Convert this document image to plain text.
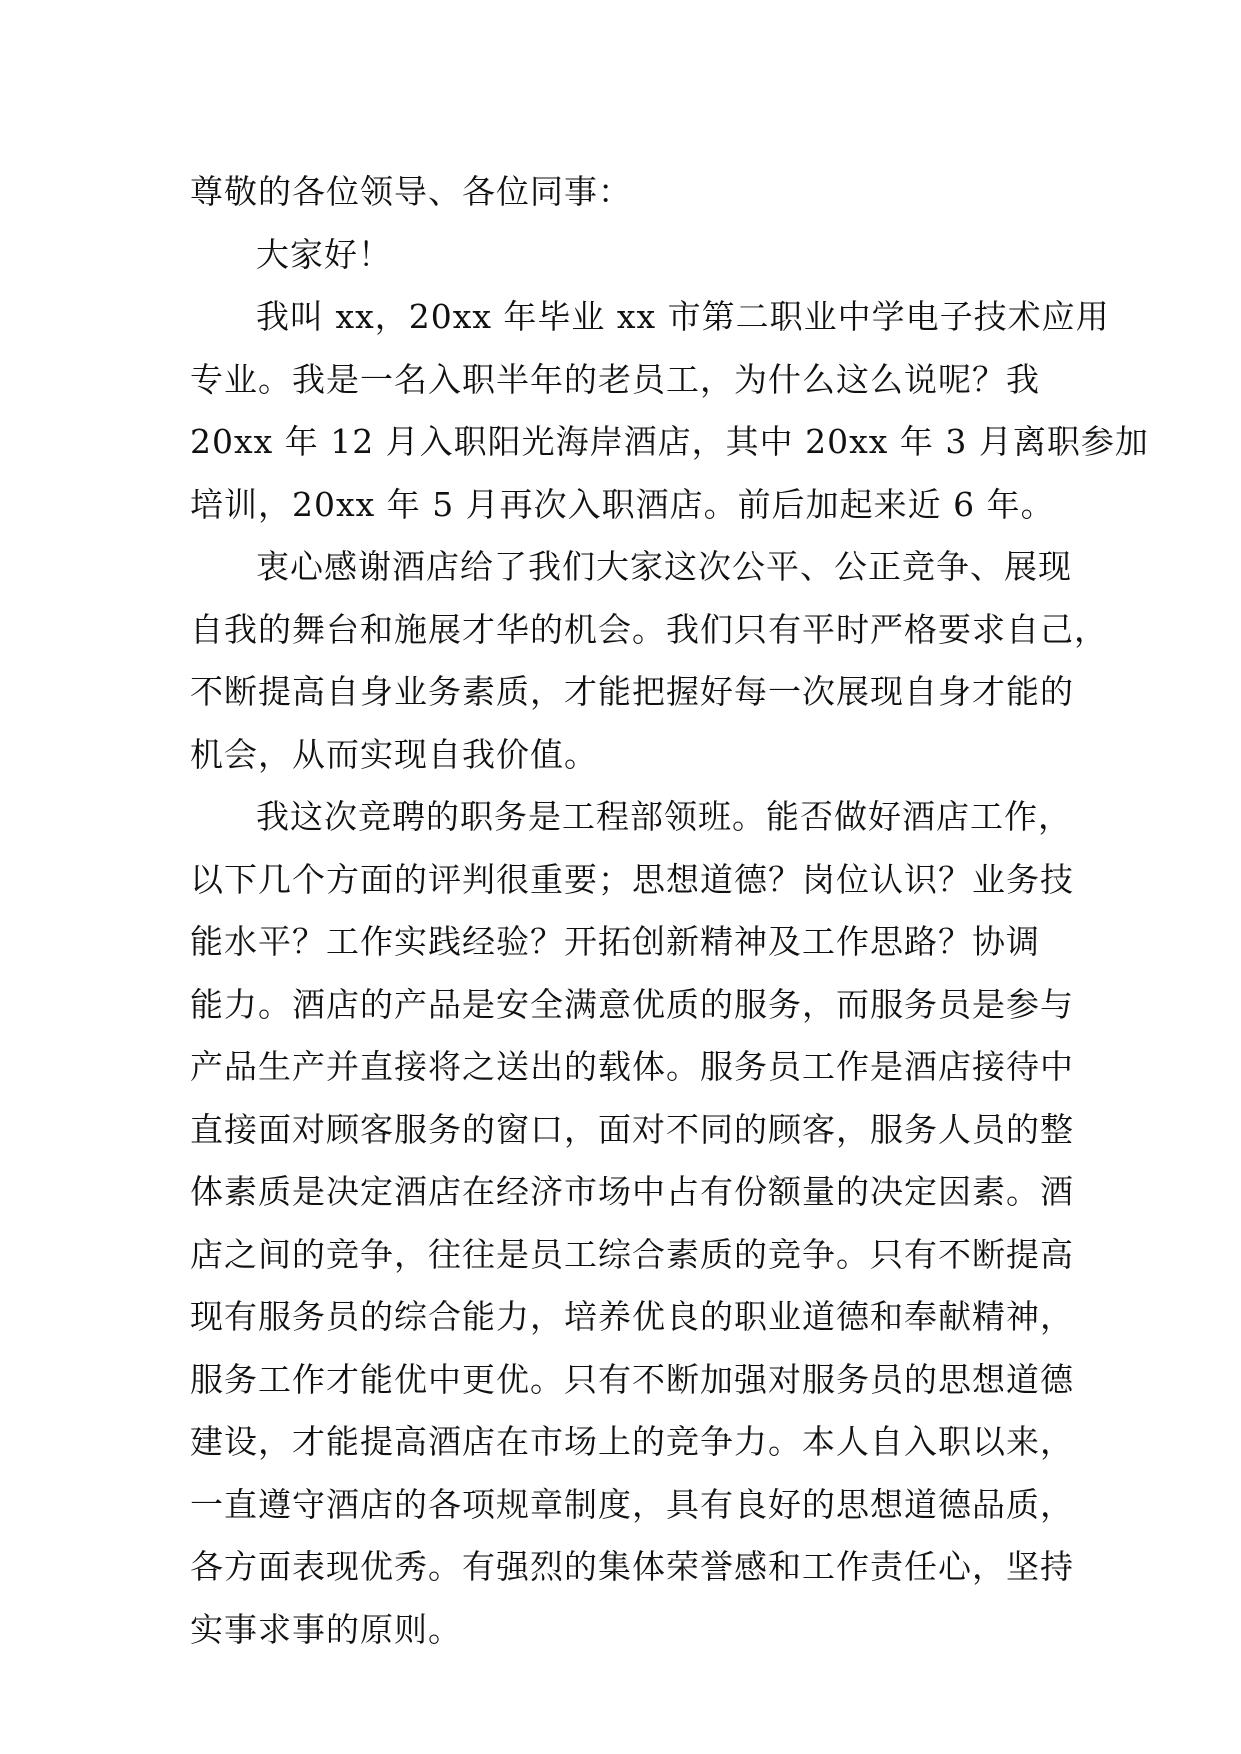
尊敬的各位领导、各位同事：
大家好！
我叫 xx，20xx 年毕业 xx 市第二职业中学电子技术应用
专业。我是一名入职半年的老员工，为什么这么说呢？我
20xx 年 12 月入职阳光海岸酒店，其中 20xx 年 3 月离职参加
培训，20xx 年 5 月再次入职酒店。前后加起来近 6 年。
衷心感谢酒店给了我们大家这次公平、公正竞争、展现
自我的舞台和施展才华的机会。我们只有平时严格要求自己，
不断提高自身业务素质，才能把握好每一次展现自身才能的
机会，从而实现自我价值。
我这次竞聘的职务是工程部领班。能否做好酒店工作，
以下几个方面的评判很重要；思想道德？岗位认识？业务技
能水平？工作实践经验？开拓创新精神及工作思路？协调
能力。酒店的产品是安全满意优质的服务，而服务员是参与
产品生产并直接将之送出的载体。服务员工作是酒店接待中
直接面对顾客服务的窗口，面对不同的顾客，服务人员的整
体素质是决定酒店在经济市场中占有份额量的决定因素。酒
店之间的竞争，往往是员工综合素质的竞争。只有不断提高
现有服务员的综合能力，培养优良的职业道德和奉献精神，
服务工作才能优中更优。只有不断加强对服务员的思想道德
建设，才能提高酒店在市场上的竞争力。本人自入职以来，
一直遵守酒店的各项规章制度，具有良好的思想道德品质，
各方面表现优秀。有强烈的集体荣誉感和工作责任心，坚持
实事求事的原则。
